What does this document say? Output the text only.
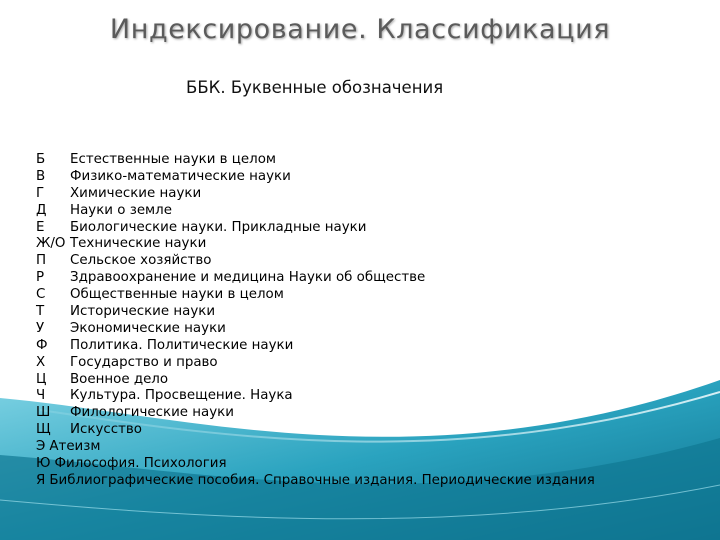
Индексирование. Классификация
ББК. Буквенные обозначения
Б Естественные науки в целом
В Физико-математические науки
Г Химические науки
Д Науки о земле
Е Биологические науки. Прикладные науки
Ж/О Технические науки
П Сельское хозяйство
Р Здравоохранение и медицина Науки об обществе
С Общественные науки в целом
Т Исторические науки
У Экономические науки
Ф Политика. Политические науки
Х Государство и право
Ц Военное дело
Ч Культура. Просвещение. Наука
Ш Филологические науки
Щ Искусство
Э Атеизм
Ю Философия. Психология
Я Библиографические пособия. Справочные издания. Периодические издания
